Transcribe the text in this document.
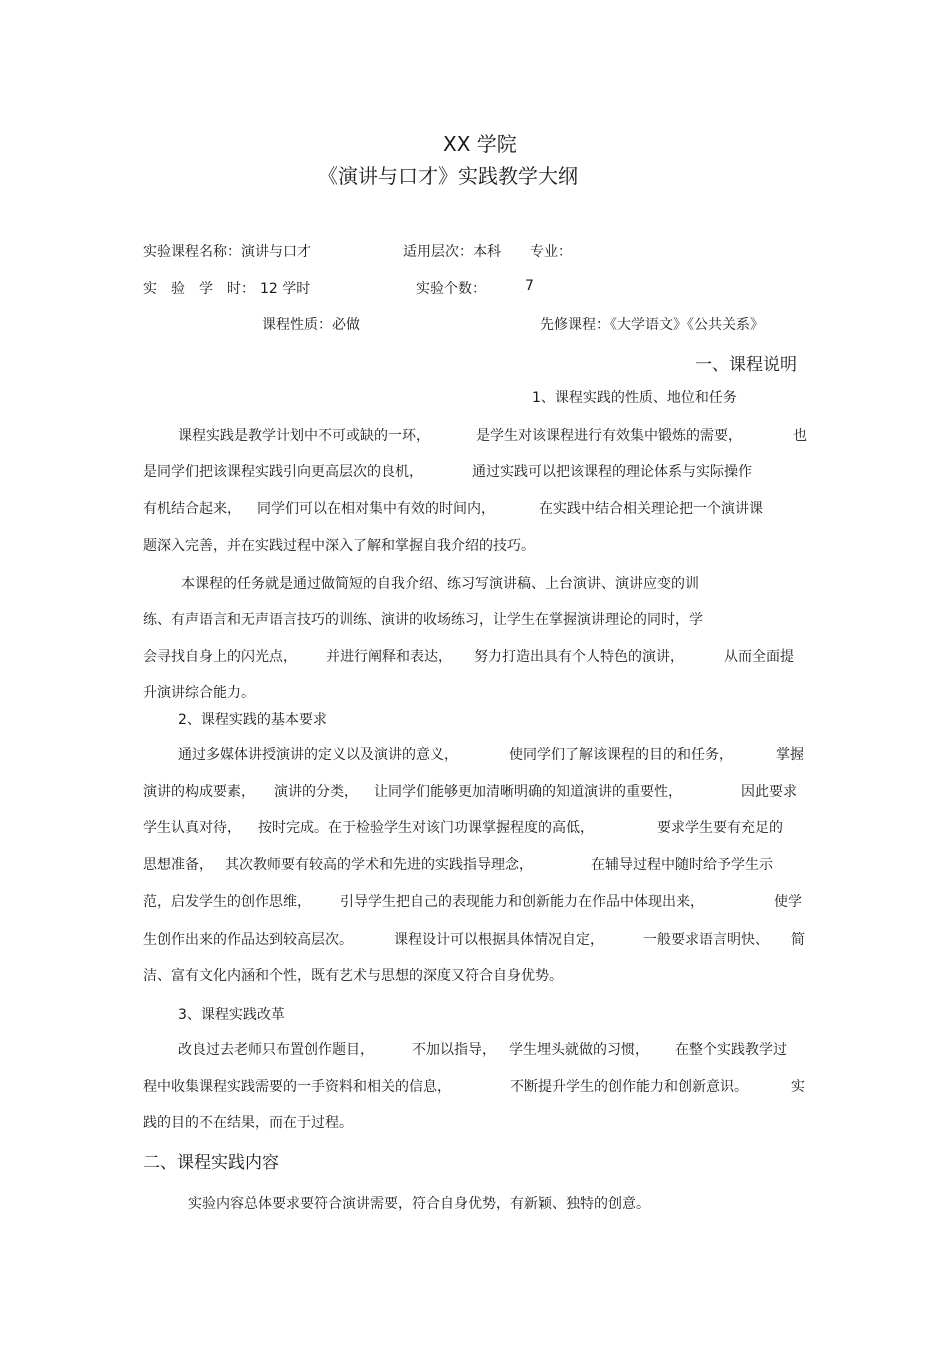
XX 学院
《演讲与口才》实践教学大纲
实验课程名称：演讲与口才	适用层次：本科 专业：
实　验　学　时： 12 学时	实验个数：	7
课程性质：必做	先修课程：《大学语文》《公共关系》
一、课程说明
1、课程实践的性质、地位和任务
课程实践是教学计划中不可或缺的一环，	是学生对该课程进行有效集中锻炼的需要，	也
是同学们把该课程实践引向更高层次的良机，	通过实践可以把该课程的理论体系与实际操作
有机结合起来， 同学们可以在相对集中有效的时间内，	在实践中结合相关理论把一个演讲课
题深入完善，并在实践过程中深入了解和掌握自我介绍的技巧。
本课程的任务就是通过做简短的自我介绍、练习写演讲稿、上台演讲、演讲应变的训
练、有声语言和无声语言技巧的训练、演讲的收场练习，让学生在掌握演讲理论的同时，学
会寻找自身上的闪光点， 并进行阐释和表达， 努力打造出具有个人特色的演讲，	从而全面提
升演讲综合能力。
2、课程实践的基本要求
通过多媒体讲授演讲的定义以及演讲的意义，	使同学们了解该课程的目的和任务，	掌握
演讲的构成要素， 演讲的分类， 让同学们能够更加清晰明确的知道演讲的重要性，	因此要求
学生认真对待， 按时完成。在于检验学生对该门功课掌握程度的高低，	要求学生要有充足的
思想准备， 其次教师要有较高的学术和先进的实践指导理念，	在辅导过程中随时给予学生示
范，启发学生的创作思维， 引导学生把自己的表现能力和创新能力在作品中体现出来，	使学
生创作出来的作品达到较高层次。	课程设计可以根据具体情况自定，	一般要求语言明快、 简
洁、富有文化内涵和个性，既有艺术与思想的深度又符合自身优势。
3、课程实践改革
改良过去老师只布置创作题目，	不加以指导， 学生埋头就做的习惯， 在整个实践教学过
程中收集课程实践需要的一手资料和相关的信息，	不断提升学生的创作能力和创新意识。	实
践的目的不在结果，而在于过程。
二、课程实践内容
实验内容总体要求要符合演讲需要，符合自身优势，有新颖、独特的创意。
